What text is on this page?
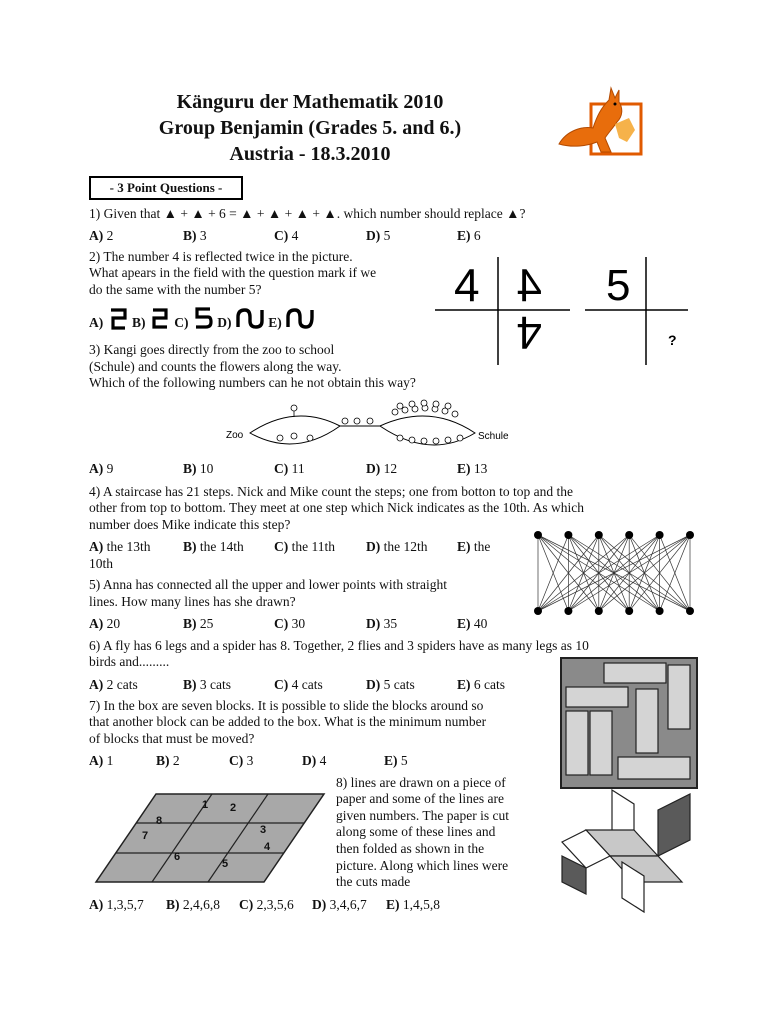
Känguru der Mathematik 2010
Group Benjamin (Grades 5. and 6.)
Austria - 18.3.2010
- 3 Point Questions -
1) Given that ▲ + ▲ + 6 = ▲ + ▲ + ▲ + ▲. which number should replace ▲?
A) 2	B) 3	C) 4	D) 5	E) 6
2) The number 4 is reflected twice in the picture.
What apears in the field with the question mark if we
do the same with the number 5?
A) B) C) D)	E)
4 4
4
5
?
3) Kangi goes directly from the zoo to school
(Schule) and counts the flowers along the way.
Which of the following numbers can he not obtain this way?
Zoo	Schule
A) 9	B) 10	C) 11	D) 12	E) 13
4) A staircase has 21 steps. Nick and Mike count the steps; one from botton to top and the
other from top to bottom. They meet at one step which Nick indicates as the 10th. As which
number does Mike indicate this step?
A) the 13th B) the 14th C) the 11th D) the 12th E) the
10th
5) Anna has connected all the upper and lower points with straight
lines. How many lines has she drawn?
A) 20	B) 25	C) 30	D) 35	E) 40
6) A fly has 6 legs and a spider has 8. Together, 2 flies and 3 spiders have as many legs as 10
birds and.........
A) 2 cats	B) 3 cats	C) 4 cats	D) 5 cats	E) 6 cats
7) In the box are seven blocks. It is possible to slide the blocks around so
that another block can be added to the box. What is the minimum number
of blocks that must be moved?
A) 1	B) 2	C) 3	D) 4	E) 5
1 2
3
4
5
6
7
8
8) lines are drawn on a piece of
paper and some of the lines are
given numbers. The paper is cut
along some of these lines and
then folded as shown in the
picture. Along which lines were
the cuts made
A) 1,3,5,7 B) 2,4,6,8 C) 2,3,5,6 D) 3,4,6,7 E) 1,4,5,8
